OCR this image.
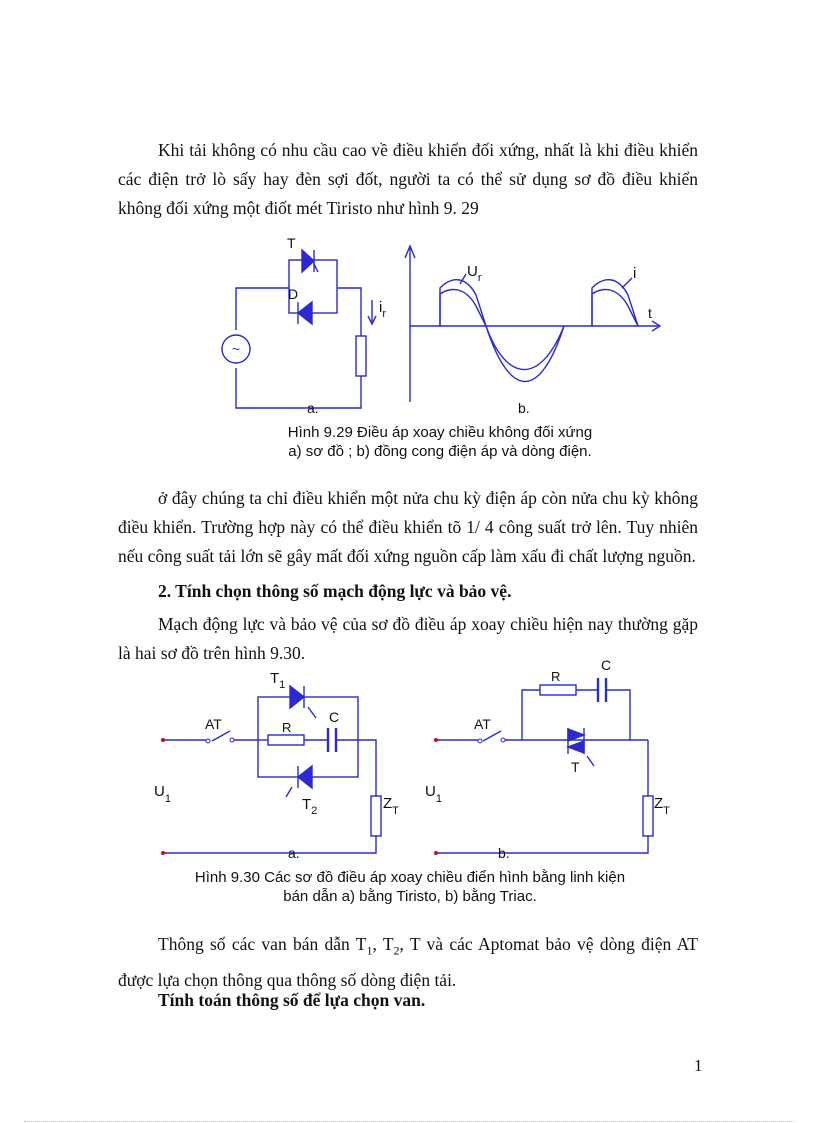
Khi tải không có nhu cầu cao về điều khiển đối xứng, nhất là khi điều khiển các điện trở lò sấy hay đèn sợi đốt, người ta có thể sử dụng sơ đồ điều khiển không đối xứng một điốt mét Tiristo như hình 9. 29

~
T
D
$i_r$
a.
$U_r$	i
t
b.
Hình 9.29 Điều áp xoay chiều không đối xứng
a) sơ đồ ; b) đồng cong điện áp và dòng điện.

ở đây chúng ta chỉ điều khiển một nửa chu kỳ điện áp còn nửa chu kỳ không điều khiển. Trường hợp này có thể điều khiển tõ 1/ 4 công suất trở lên. Tuy nhiên nếu công suất tải lớn sẽ gây mất đối xứng nguồn cấp làm xấu đi chất lượng nguồn.

2. Tính chọn thông số mạch động lực và bảo vệ.

Mạch động lực và bảo vệ của sơ đồ điều áp xoay chiều hiện nay thường gặp là hai sơ đồ trên hình 9.30.

$T_1$
$T_2$
AT	R
C
$U_1$	$Z_T$
a.
AT
R
C
T
$U_1$	$Z_T$
b.
Hình 9.30 Các sơ đồ điều áp xoay chiều điển hình bằng linh kiện
bán dẫn a) bằng Tiristo, b) bằng Triac.

Thông số các van bán dẫn $T_1$, $T_2$, T và các Aptomat bảo vệ dòng điện AT được lựa chọn thông qua thông số dòng điện tải.

Tính toán thông số để lựa chọn van.
1
